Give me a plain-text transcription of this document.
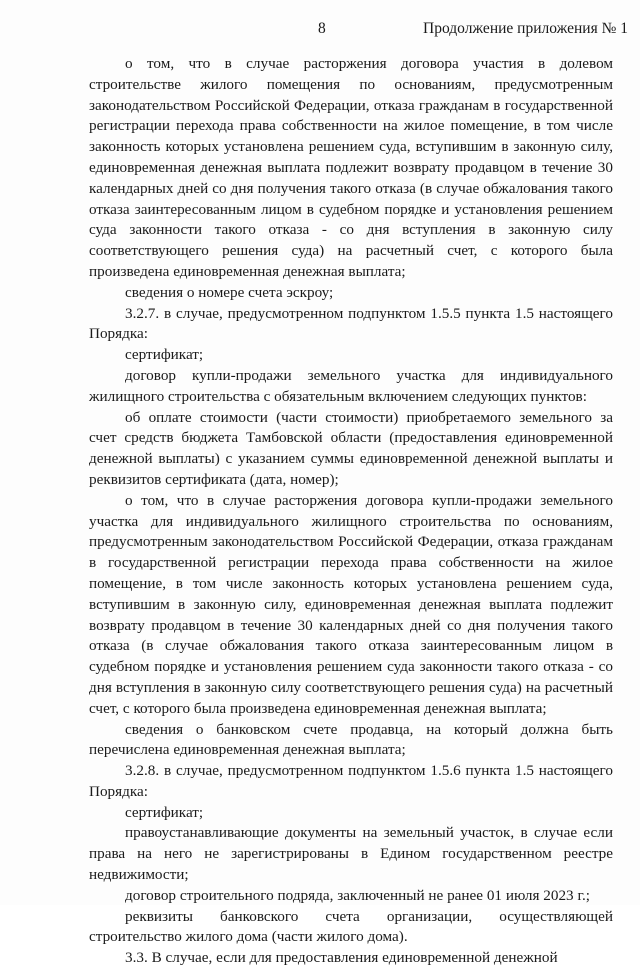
8	Продолжение приложения № 1

о том, что в случае расторжения договора участия в долевом строительстве жилого помещения по основаниям, предусмотренным законодательством Российской Федерации, отказа гражданам в государственной регистрации перехода права собственности на жилое помещение, в том числе законность которых установлена решением суда, вступившим в законную силу, единовременная денежная выплата подлежит возврату продавцом в течение 30 календарных дней со дня получения такого отказа (в случае обжалования такого отказа заинтересованным лицом в судебном порядке и установления решением суда законности такого отказа - со дня вступления в законную силу соответствующего решения суда) на расчетный счет, с которого была произведена единовременная денежная выплата;

сведения о номере счета эскроу;

3.2.7. в случае, предусмотренном подпунктом 1.5.5 пункта 1.5 настоящего Порядка:

сертификат;

договор купли-продажи земельного участка для индивидуального жилищного строительства с обязательным включением следующих пунктов:

об оплате стоимости (части стоимости) приобретаемого земельного за счет средств бюджета Тамбовской области (предоставления единовременной денежной выплаты) с указанием суммы единовременной денежной выплаты и реквизитов сертификата (дата, номер);

о том, что в случае расторжения договора купли-продажи земельного участка для индивидуального жилищного строительства по основаниям, предусмотренным законодательством Российской Федерации, отказа гражданам в государственной регистрации перехода права собственности на жилое помещение, в том числе законность которых установлена решением суда, вступившим в законную силу, единовременная денежная выплата подлежит возврату продавцом в течение 30 календарных дней со дня получения такого отказа (в случае обжалования такого отказа заинтересованным лицом в судебном порядке и установления решением суда законности такого отказа - со дня вступления в законную силу соответствующего решения суда) на расчетный счет, с которого была произведена единовременная денежная выплата;

сведения о банковском счете продавца, на который должна быть перечислена единовременная денежная выплата;

3.2.8. в случае, предусмотренном подпунктом 1.5.6 пункта 1.5 настоящего Порядка:

сертификат;

правоустанавливающие документы на земельный участок, в случае если права на него не зарегистрированы в Едином государственном реестре недвижимости;

договор строительного подряда, заключенный не ранее 01 июля 2023 г.;

реквизиты банковского счета организации, осуществляющей строительство жилого дома (части жилого дома).

3.3. В случае, если для предоставления единовременной денежной
